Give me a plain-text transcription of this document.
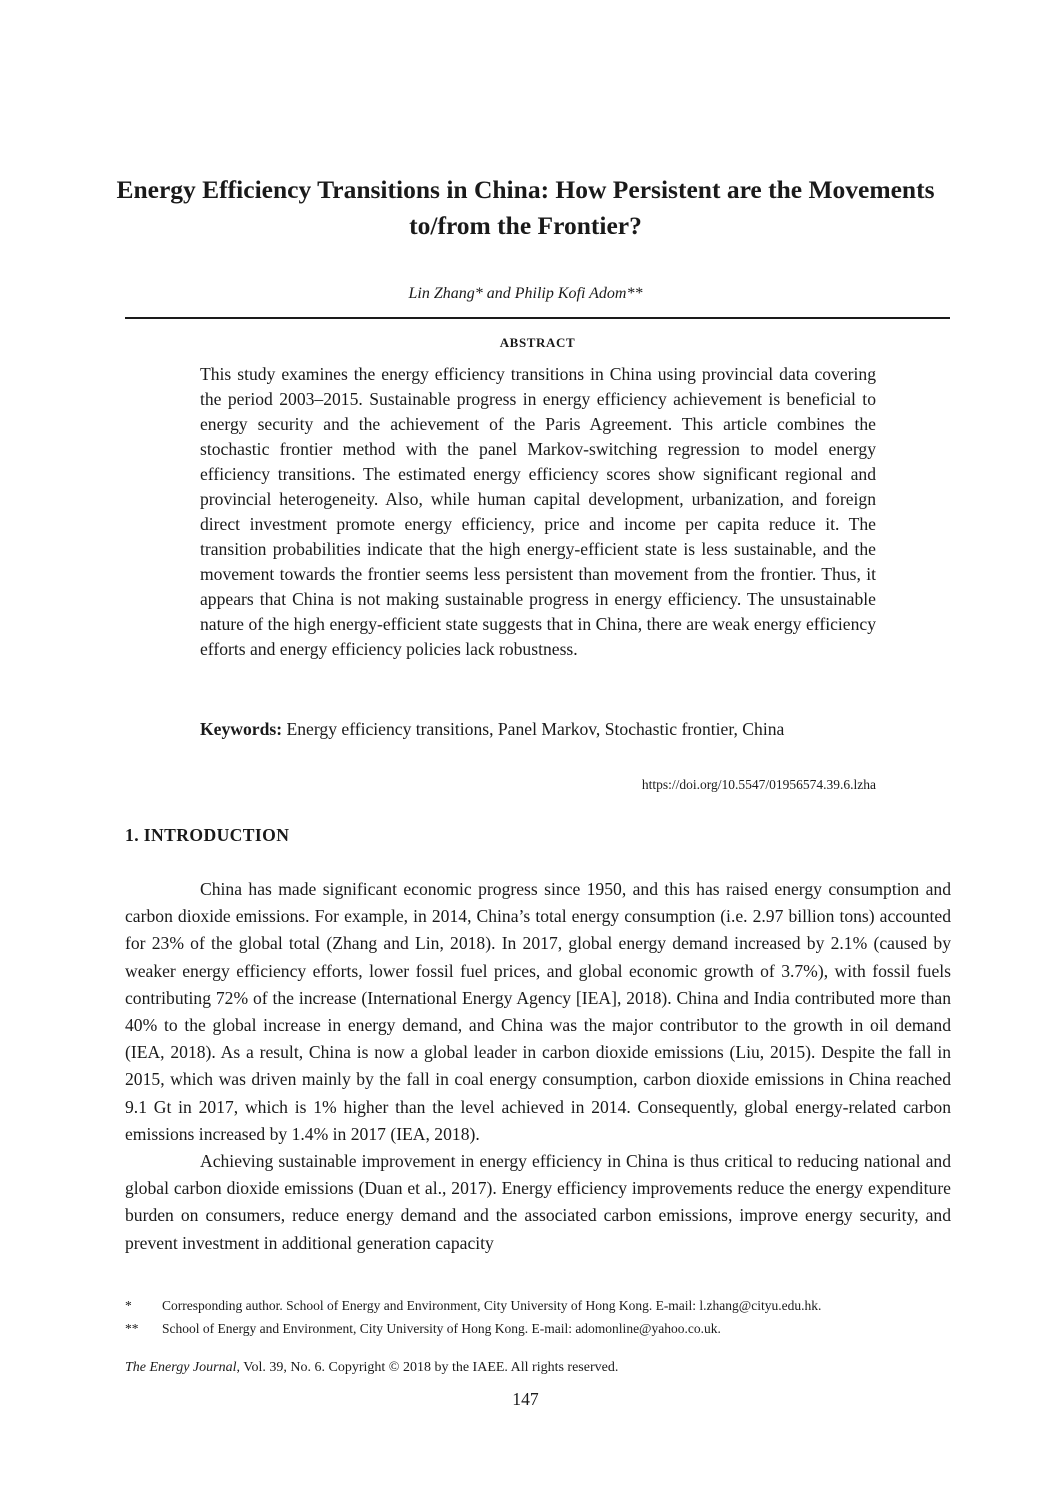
Energy Efficiency Transitions in China: How Persistent are the Movements to/from the Frontier?
Lin Zhang* and Philip Kofi Adom**
ABSTRACT

This study examines the energy efficiency transitions in China using provincial data covering the period 2003–2015. Sustainable progress in energy efficiency achievement is beneficial to energy security and the achievement of the Paris Agreement. This article combines the stochastic frontier method with the panel Markov-switching regression to model energy efficiency transitions. The estimated energy efficiency scores show significant regional and provincial heterogeneity. Also, while human capital development, urbanization, and foreign direct investment promote energy efficiency, price and income per capita reduce it. The transition probabilities indicate that the high energy-efficient state is less sustainable, and the movement towards the frontier seems less persistent than movement from the frontier. Thus, it appears that China is not making sustainable progress in energy efficiency. The unsustainable nature of the high energy-efficient state suggests that in China, there are weak energy efficiency efforts and energy efficiency policies lack robustness.

Keywords: Energy efficiency transitions, Panel Markov, Stochastic frontier, China

https://doi.org/10.5547/01956574.39.6.lzha
1. INTRODUCTION

China has made significant economic progress since 1950, and this has raised energy consumption and carbon dioxide emissions. For example, in 2014, China’s total energy consumption (i.e. 2.97 billion tons) accounted for 23% of the global total (Zhang and Lin, 2018). In 2017, global energy demand increased by 2.1% (caused by weaker energy efficiency efforts, lower fossil fuel prices, and global economic growth of 3.7%), with fossil fuels contributing 72% of the increase (International Energy Agency [IEA], 2018). China and India contributed more than 40% to the global increase in energy demand, and China was the major contributor to the growth in oil demand (IEA, 2018). As a result, China is now a global leader in carbon dioxide emissions (Liu, 2015). Despite the fall in 2015, which was driven mainly by the fall in coal energy consumption, carbon dioxide emissions in China reached 9.1 Gt in 2017, which is 1% higher than the level achieved in 2014. Consequently, global energy-related carbon emissions increased by 1.4% in 2017 (IEA, 2018).

Achieving sustainable improvement in energy efficiency in China is thus critical to reducing national and global carbon dioxide emissions (Duan et al., 2017). Energy efficiency improvements reduce the energy expenditure burden on consumers, reduce energy demand and the associated carbon emissions, improve energy security, and prevent investment in additional generation capacity

*	Corresponding author. School of Energy and Environment, City University of Hong Kong. E-mail: l.zhang@cityu.edu.hk.
**	School of Energy and Environment, City University of Hong Kong. E-mail: adomonline@yahoo.co.uk.
The Energy Journal, Vol. 39, No. 6. Copyright © 2018 by the IAEE. All rights reserved.
147
